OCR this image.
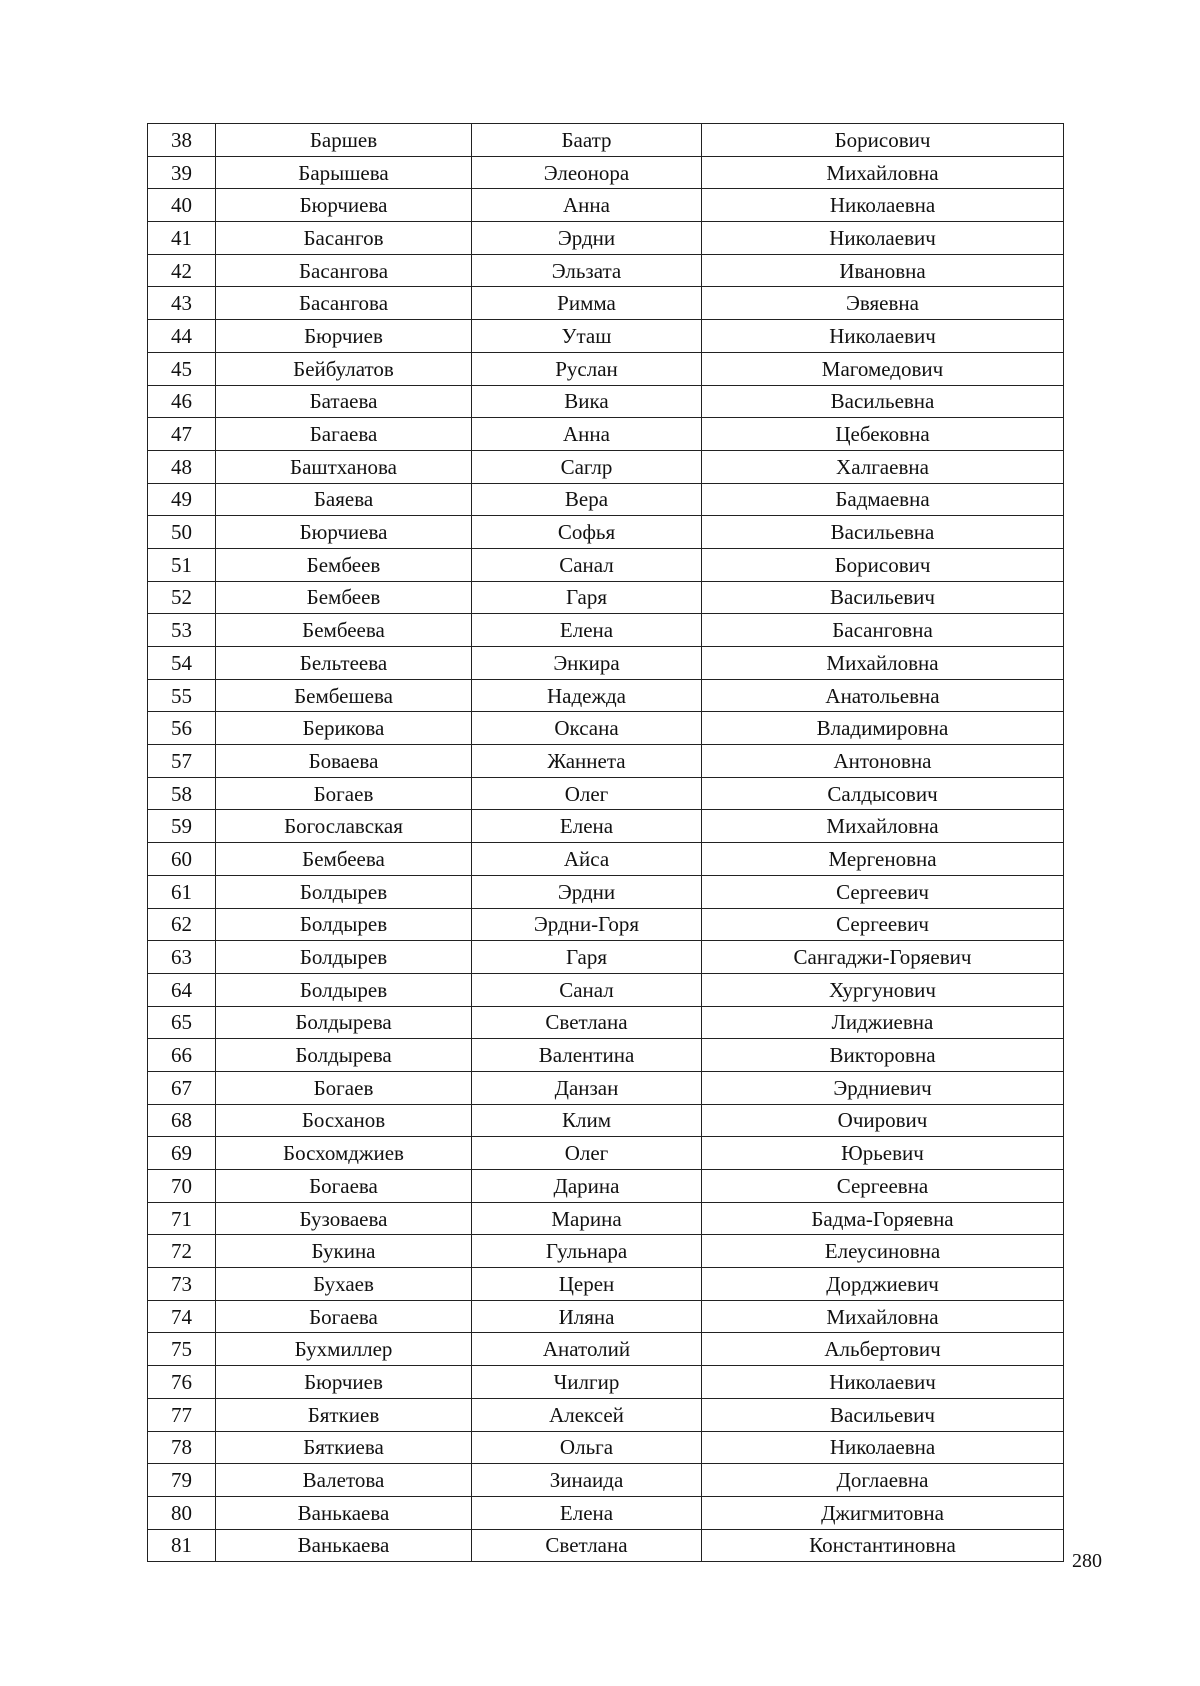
38	Баршев	Баатр	Борисович
39	Барышева	Элеонора	Михайловна
40	Бюрчиева	Анна	Николаевна
41	Басангов	Эрдни	Николаевич
42	Басангова	Эльзата	Ивановна
43	Басангова	Римма	Эвяевна
44	Бюрчиев	Уташ	Николаевич
45	Бейбулатов	Руслан	Магомедович
46	Батаева	Вика	Васильевна
47	Багаева	Анна	Цебековна
48	Баштханова	Саглр	Халгаевна
49	Баяева	Вера	Бадмаевна
50	Бюрчиева	Софья	Васильевна
51	Бембеев	Санал	Борисович
52	Бембеев	Гаря	Васильевич
53	Бембеева	Елена	Басанговна
54	Бельтеева	Энкира	Михайловна
55	Бембешева	Надежда	Анатольевна
56	Берикова	Оксана	Владимировна
57	Боваева	Жаннета	Антоновна
58	Богаев	Олег	Салдысович
59	Богославская	Елена	Михайловна
60	Бембеева	Айса	Мергеновна
61	Болдырев	Эрдни	Сергеевич
62	Болдырев	Эрдни-Горя	Сергеевич
63	Болдырев	Гаря	Сангаджи-Горяевич
64	Болдырев	Санал	Хургунович
65	Болдырева	Светлана	Лиджиевна
66	Болдырева	Валентина	Викторовна
67	Богаев	Данзан	Эрдниевич
68	Босханов	Клим	Очирович
69	Босхомджиев	Олег	Юрьевич
70	Богаева	Дарина	Сергеевна
71	Бузоваева	Марина	Бадма-Горяевна
72	Букина	Гульнара	Елеусиновна
73	Бухаев	Церен	Дорджиевич
74	Богаева	Иляна	Михайловна
75	Бухмиллер	Анатолий	Альбертович
76	Бюрчиев	Чилгир	Николаевич
77	Бяткиев	Алексей	Васильевич
78	Бяткиева	Ольга	Николаевна
79	Валетова	Зинаида	Доглаевна
80	Ванькаева	Елена	Джигмитовна
81	Ванькаева	Светлана	Константиновна
280
